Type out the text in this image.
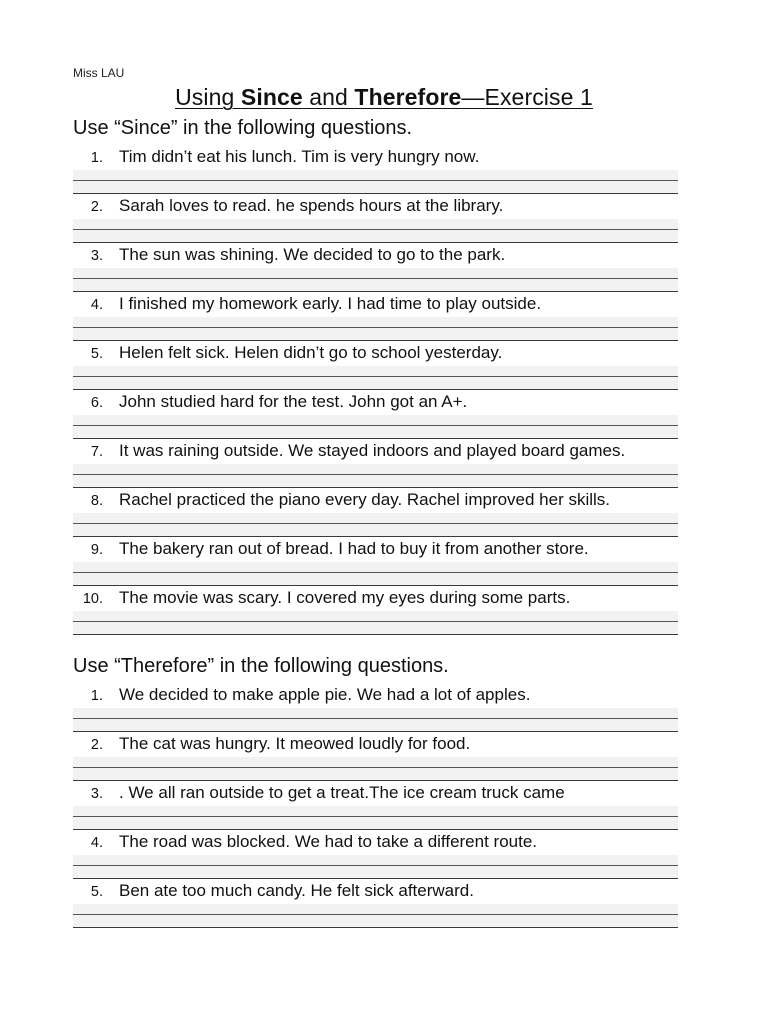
Miss LAU
Using Since and Therefore—Exercise 1
Use “Since” in the following questions.
1. Tim didn’t eat his lunch. Tim is very hungry now.
2. Sarah loves to read. he spends hours at the library.
3. The sun was shining. We decided to go to the park.
4. I finished my homework early. I had time to play outside.
5. Helen felt sick. Helen didn’t go to school yesterday.
6. John studied hard for the test. John got an A+.
7. It was raining outside. We stayed indoors and played board games.
8. Rachel practiced the piano every day. Rachel improved her skills.
9. The bakery ran out of bread. I had to buy it from another store.
10. The movie was scary. I covered my eyes during some parts.
Use “Therefore” in the following questions.
1. We decided to make apple pie. We had a lot of apples.
2. The cat was hungry. It meowed loudly for food.
3. . We all ran outside to get a treat.The ice cream truck came
4. The road was blocked. We had to take a different route.
5. Ben ate too much candy. He felt sick afterward.
